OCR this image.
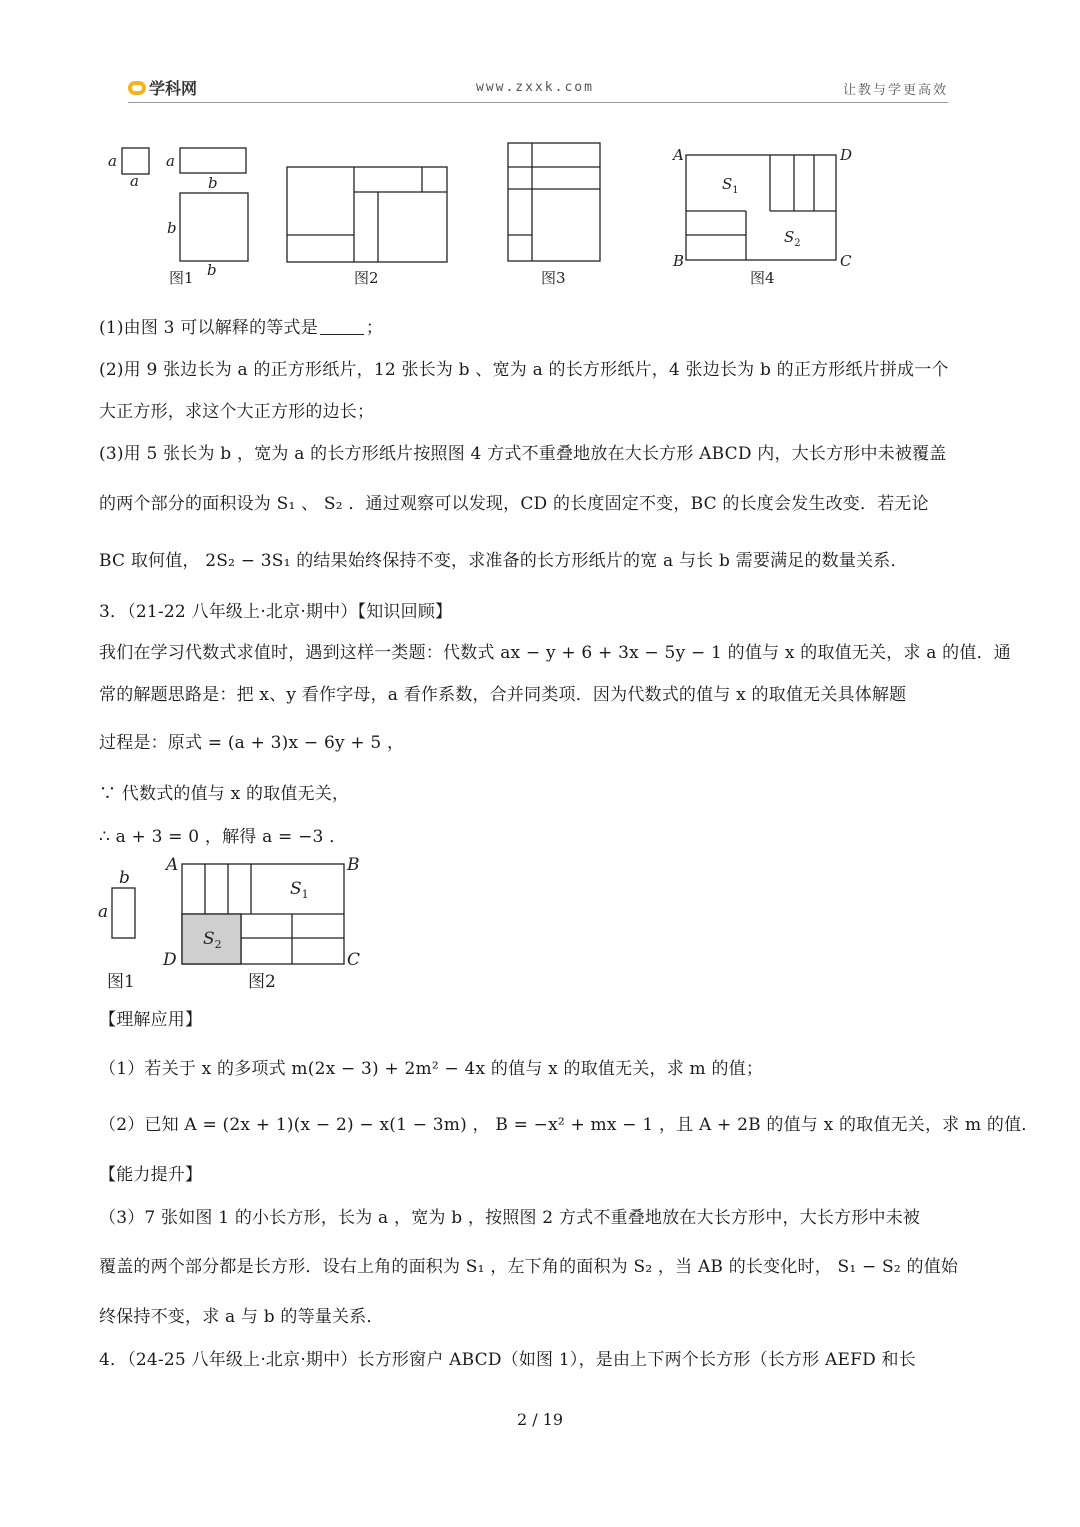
学科网	www.zxxk.com	让教与学更高效
a
a
a
b
b
b
A	D
B	C
$S_1$
$S_2$
图1	图2	图3	图4
(1)由图 3 可以解释的等式是	；
(2)用 9 张边长为 a 的正方形纸片，12 张长为 b 、宽为 a 的长方形纸片，4 张边长为 b 的正方形纸片拼成一个
大正方形，求这个大正方形的边长；
(3)用 5 张长为 b ，宽为 a 的长方形纸片按照图 4 方式不重叠地放在大长方形 ABCD 内，大长方形中未被覆盖
的两个部分的面积设为 S₁ 、 S₂ ．通过观察可以发现，CD 的长度固定不变，BC 的长度会发生改变．若无论
BC 取何值， 2S₂ − 3S₁ 的结果始终保持不变，求准备的长方形纸片的宽 a 与长 b 需要满足的数量关系．
3．（21-22 八年级上·北京·期中）【知识回顾】
我们在学习代数式求值时，遇到这样一类题：代数式 ax − y + 6 + 3x − 5y − 1 的值与 x 的取值无关，求 a 的值．通
常的解题思路是：把 x、y 看作字母，a 看作系数，合并同类项．因为代数式的值与 x 的取值无关具体解题
过程是：原式 = (a + 3)x − 6y + 5 ，
∵ 代数式的值与 x 的取值无关，
∴ a + 3 = 0 ，解得 a = −3 ．
b
a
A	B
D	C
$S_1$
$S_2$
图1	图2
【理解应用】
（1）若关于 x 的多项式 m(2x − 3) + 2m² − 4x 的值与 x 的取值无关，求 m 的值；
（2）已知 A = (2x + 1)(x − 2) − x(1 − 3m) ， B = −x² + mx − 1 ，且 A + 2B 的值与 x 的取值无关，求 m 的值．
【能力提升】
（3）7 张如图 1 的小长方形，长为 a ，宽为 b ，按照图 2 方式不重叠地放在大长方形中，大长方形中未被
覆盖的两个部分都是长方形．设右上角的面积为 S₁ ，左下角的面积为 S₂ ，当 AB 的长变化时， S₁ − S₂ 的值始
终保持不变，求 a 与 b 的等量关系．
4．（24-25 八年级上·北京·期中）长方形窗户 ABCD（如图 1），是由上下两个长方形（长方形 AEFD 和长
2 / 19
